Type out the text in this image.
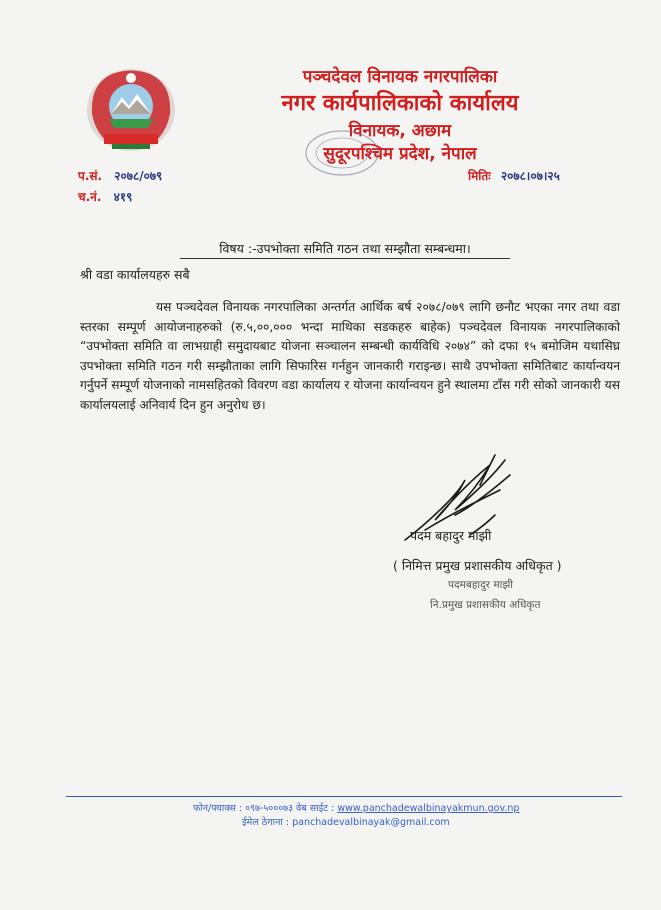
पञ्चदेवल विनायक नगरपालिका
नगर कार्यपालिकाको कार्यालय
विनायक, अछाम
सुदूरपश्चिम प्रदेश, नेपाल
प.सं. २०७८/०७९
च.नं. ४१९
मितिः २०७८।०७।२५
विषय :-उपभोक्ता समिति गठन तथा सम्झौता सम्बन्धमा।
श्री वडा कार्यालयहरु सबै
यस पञ्चदेवल विनायक नगरपालिका अन्तर्गत आर्थिक बर्ष २०७८/०७९ लागि छनौट भएका नगर तथा वडा स्तरका सम्पूर्ण आयोजनाहरुको (रु.५,००,००० भन्दा माथिका सडकहरु बाहेक) पञ्चदेवल विनायक नगरपालिकाको “उपभोक्ता समिति वा लाभग्राही समुदायबाट योजना सञ्चालन सम्बन्धी कार्यविधि २०७४” को दफा १५ बमोजिम यथासिघ्र उपभोक्ता समिति गठन गरी सम्झौताका लागि सिफारिस गर्नहुन जानकारी गराइन्छ। साथै उपभोक्ता समितिबाट कार्यान्वयन गर्नुपर्ने सम्पूर्ण योजनाको नामसहितको विवरण वडा कार्यालय र योजना कार्यान्वयन हुने स्थालमा टाँस गरी सोको जानकारी यस कार्यालयलाई अनिवार्य दिन हुन अनुरोध छ।
पदम बहादुर माझी
( निमित्त प्रमुख प्रशासकीय अधिकृत )
पदमबहादुर माझी
नि.प्रमुख प्रशासकीय अधिकृत
फोन/फ्याक्स : ०९७-५०००७३ वेब साईट : www.panchadewalbinayakmun.gov.np
ईमेल ठेगाना : panchadevalbinayak@gmail.com
